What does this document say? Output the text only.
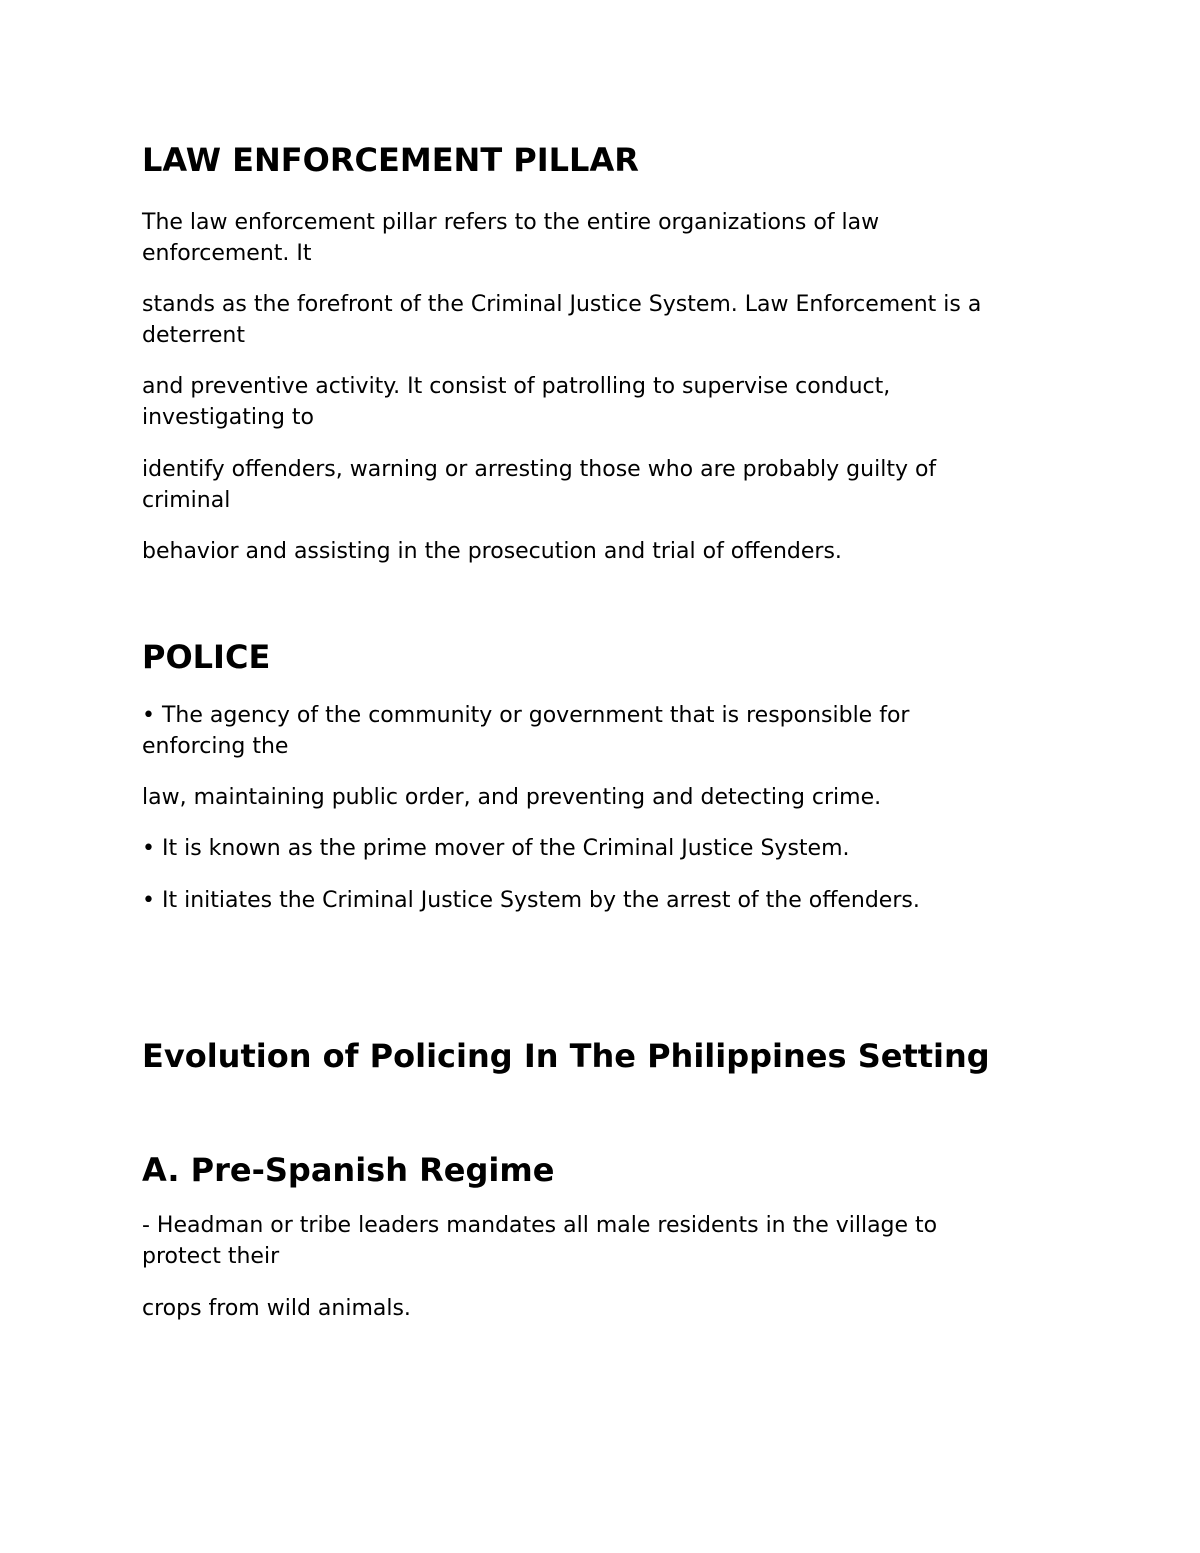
LAW ENFORCEMENT PILLAR
The law enforcement pillar refers to the entire organizations of law
enforcement. It
stands as the forefront of the Criminal Justice System. Law Enforcement is a
deterrent
and preventive activity. It consist of patrolling to supervise conduct,
investigating to
identify offenders, warning or arresting those who are probably guilty of
criminal
behavior and assisting in the prosecution and trial of offenders.
POLICE
• The agency of the community or government that is responsible for
enforcing the
law, maintaining public order, and preventing and detecting crime.
• It is known as the prime mover of the Criminal Justice System.
• It initiates the Criminal Justice System by the arrest of the offenders.
Evolution of Policing In The Philippines Setting
A. Pre-Spanish Regime
- Headman or tribe leaders mandates all male residents in the village to
protect their
crops from wild animals.
